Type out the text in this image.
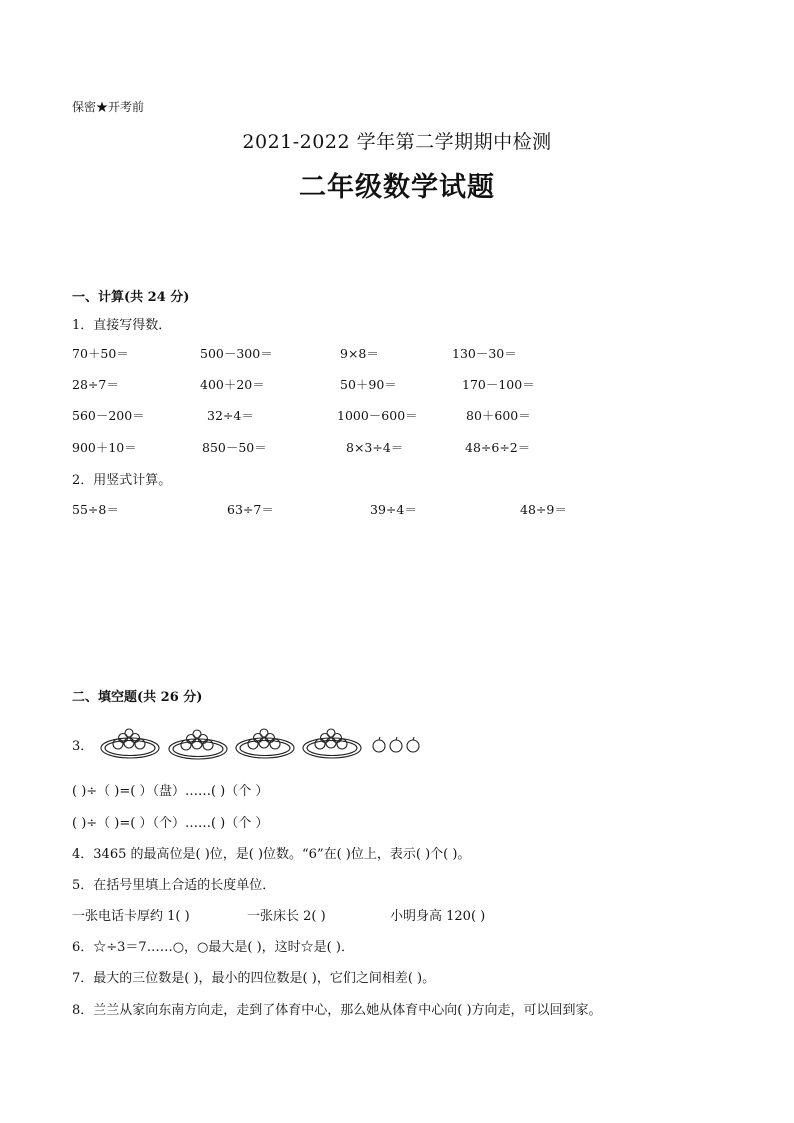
保密★开考前
2021-2022 学年第二学期期中检测
二年级数学试题
一、计算(共 24 分)
1．直接写得数．
70＋50＝	500－300＝	9×8＝	130－30＝
28÷7＝	400＋20＝	50＋90＝	170－100＝
560－200＝	32÷4＝	1000－600＝	80＋600＝
900＋10＝	850－50＝	8×3÷4＝	48÷6÷2＝
2．用竖式计算。
55÷8＝	63÷7＝	39÷4＝	48÷9＝
二、填空题(共 26 分)
3．
( )÷（ )=( ）（盘）……( )（个 ）
( )÷（ )=( ）（个）……( )（个 ）
4．3465 的最高位是( )位，是( )位数。“6”在( )位上，表示( )个( )。
5．在括号里填上合适的长度单位．
一张电话卡厚约 1( )	一张床长 2( )	小明身高 120( )
6．☆÷3＝7……○，○最大是( )，这时☆是( )．
7．最大的三位数是( )，最小的四位数是( )，它们之间相差( )。
8．兰兰从家向东南方向走，走到了体育中心，那么她从体育中心向( )方向走，可以回到家。
